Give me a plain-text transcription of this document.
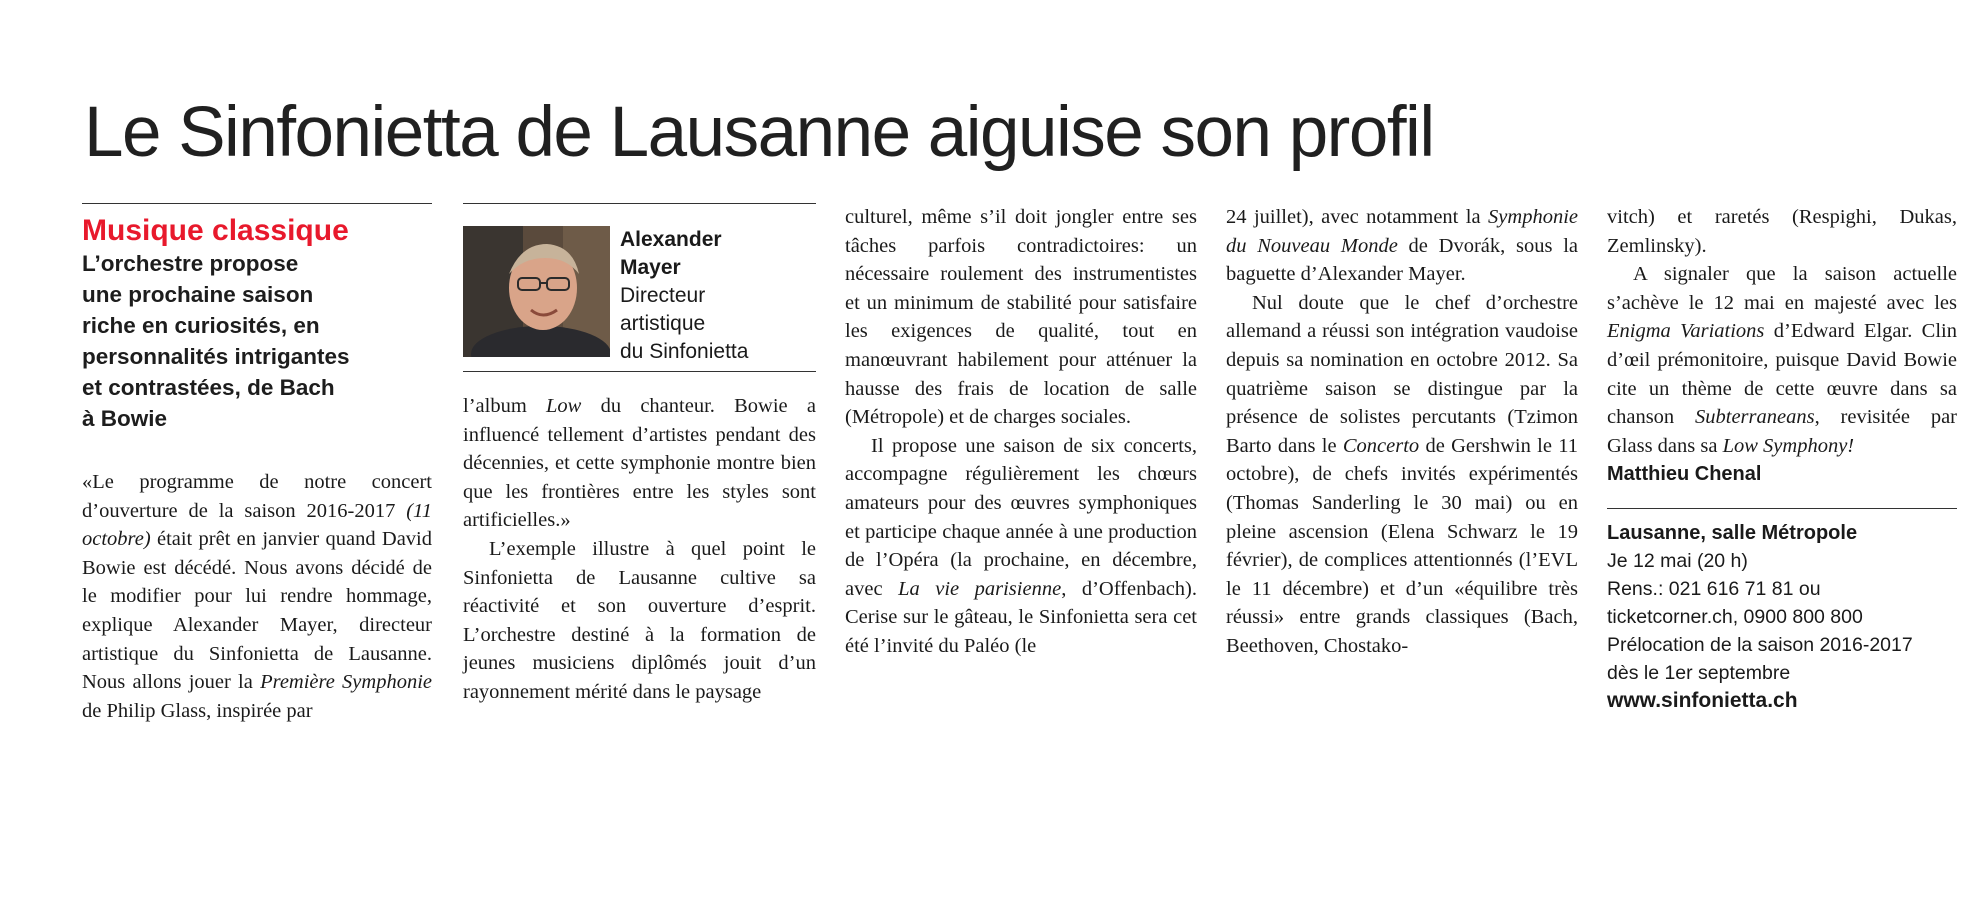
Le Sinfonietta de Lausanne aiguise son profil

Musique classique

L’orchestre propose
une prochaine saison
riche en curiosités, en
personnalités intrigantes
et contrastées, de Bach
à Bowie

«Le programme de notre concert d’ouverture de la saison 2016-2017 (11 octobre) était prêt en janvier quand David Bowie est décédé. Nous avons décidé de le modifier pour lui rendre hommage, explique Alexander Mayer, directeur artistique du Sinfonietta de Lausanne. Nous allons jouer la Première Symphonie de Philip Glass, inspirée par

Alexander
Mayer
Directeur
artistique
du Sinfonietta

l’album Low du chanteur. Bowie a influencé tellement d’artistes pendant des décennies, et cette symphonie montre bien que les frontières entre les styles sont artificielles.»

L’exemple illustre à quel point le Sinfonietta de Lausanne cultive sa réactivité et son ouverture d’esprit. L’orchestre destiné à la formation de jeunes musiciens diplômés jouit d’un rayonnement mérité dans le paysage

culturel, même s’il doit jongler entre ses tâches parfois contradictoires: un nécessaire roulement des instrumentistes et un minimum de stabilité pour satisfaire les exigences de qualité, tout en manœuvrant habilement pour atténuer la hausse des frais de location de salle (Métropole) et de charges sociales.

Il propose une saison de six concerts, accompagne régulièrement les chœurs amateurs pour des œuvres symphoniques et participe chaque année à une production de l’Opéra (la prochaine, en décembre, avec La vie parisienne, d’Offenbach). Cerise sur le gâteau, le Sinfonietta sera cet été l’invité du Paléo (le

24 juillet), avec notamment la Symphonie du Nouveau Monde de Dvorák, sous la baguette d’Alexander Mayer.

Nul doute que le chef d’orchestre allemand a réussi son intégration vaudoise depuis sa nomination en octobre 2012. Sa quatrième saison se distingue par la présence de solistes percutants (Tzimon Barto dans le Concerto de Gershwin le 11 octobre), de chefs invités expérimentés (Thomas Sanderling le 30 mai) ou en pleine ascension (Elena Schwarz le 19 février), de complices attentionnés (l’EVL le 11 décembre) et d’un «équilibre très réussi» entre grands classiques (Bach, Beethoven, Chostako-

vitch) et raretés (Respighi, Dukas, Zemlinsky).

A signaler que la saison actuelle s’achève le 12 mai en majesté avec les Enigma Variations d’Edward Elgar. Clin d’œil prémonitoire, puisque David Bowie cite un thème de cette œuvre dans sa chanson Subterraneans, revisitée par Glass dans sa Low Symphony!

Matthieu Chenal

Lausanne, salle Métropole
Je 12 mai (20 h)
Rens.: 021 616 71 81 ou
ticketcorner.ch, 0900 800 800
Prélocation de la saison 2016-2017
dès le 1er septembre
www.sinfonietta.ch
